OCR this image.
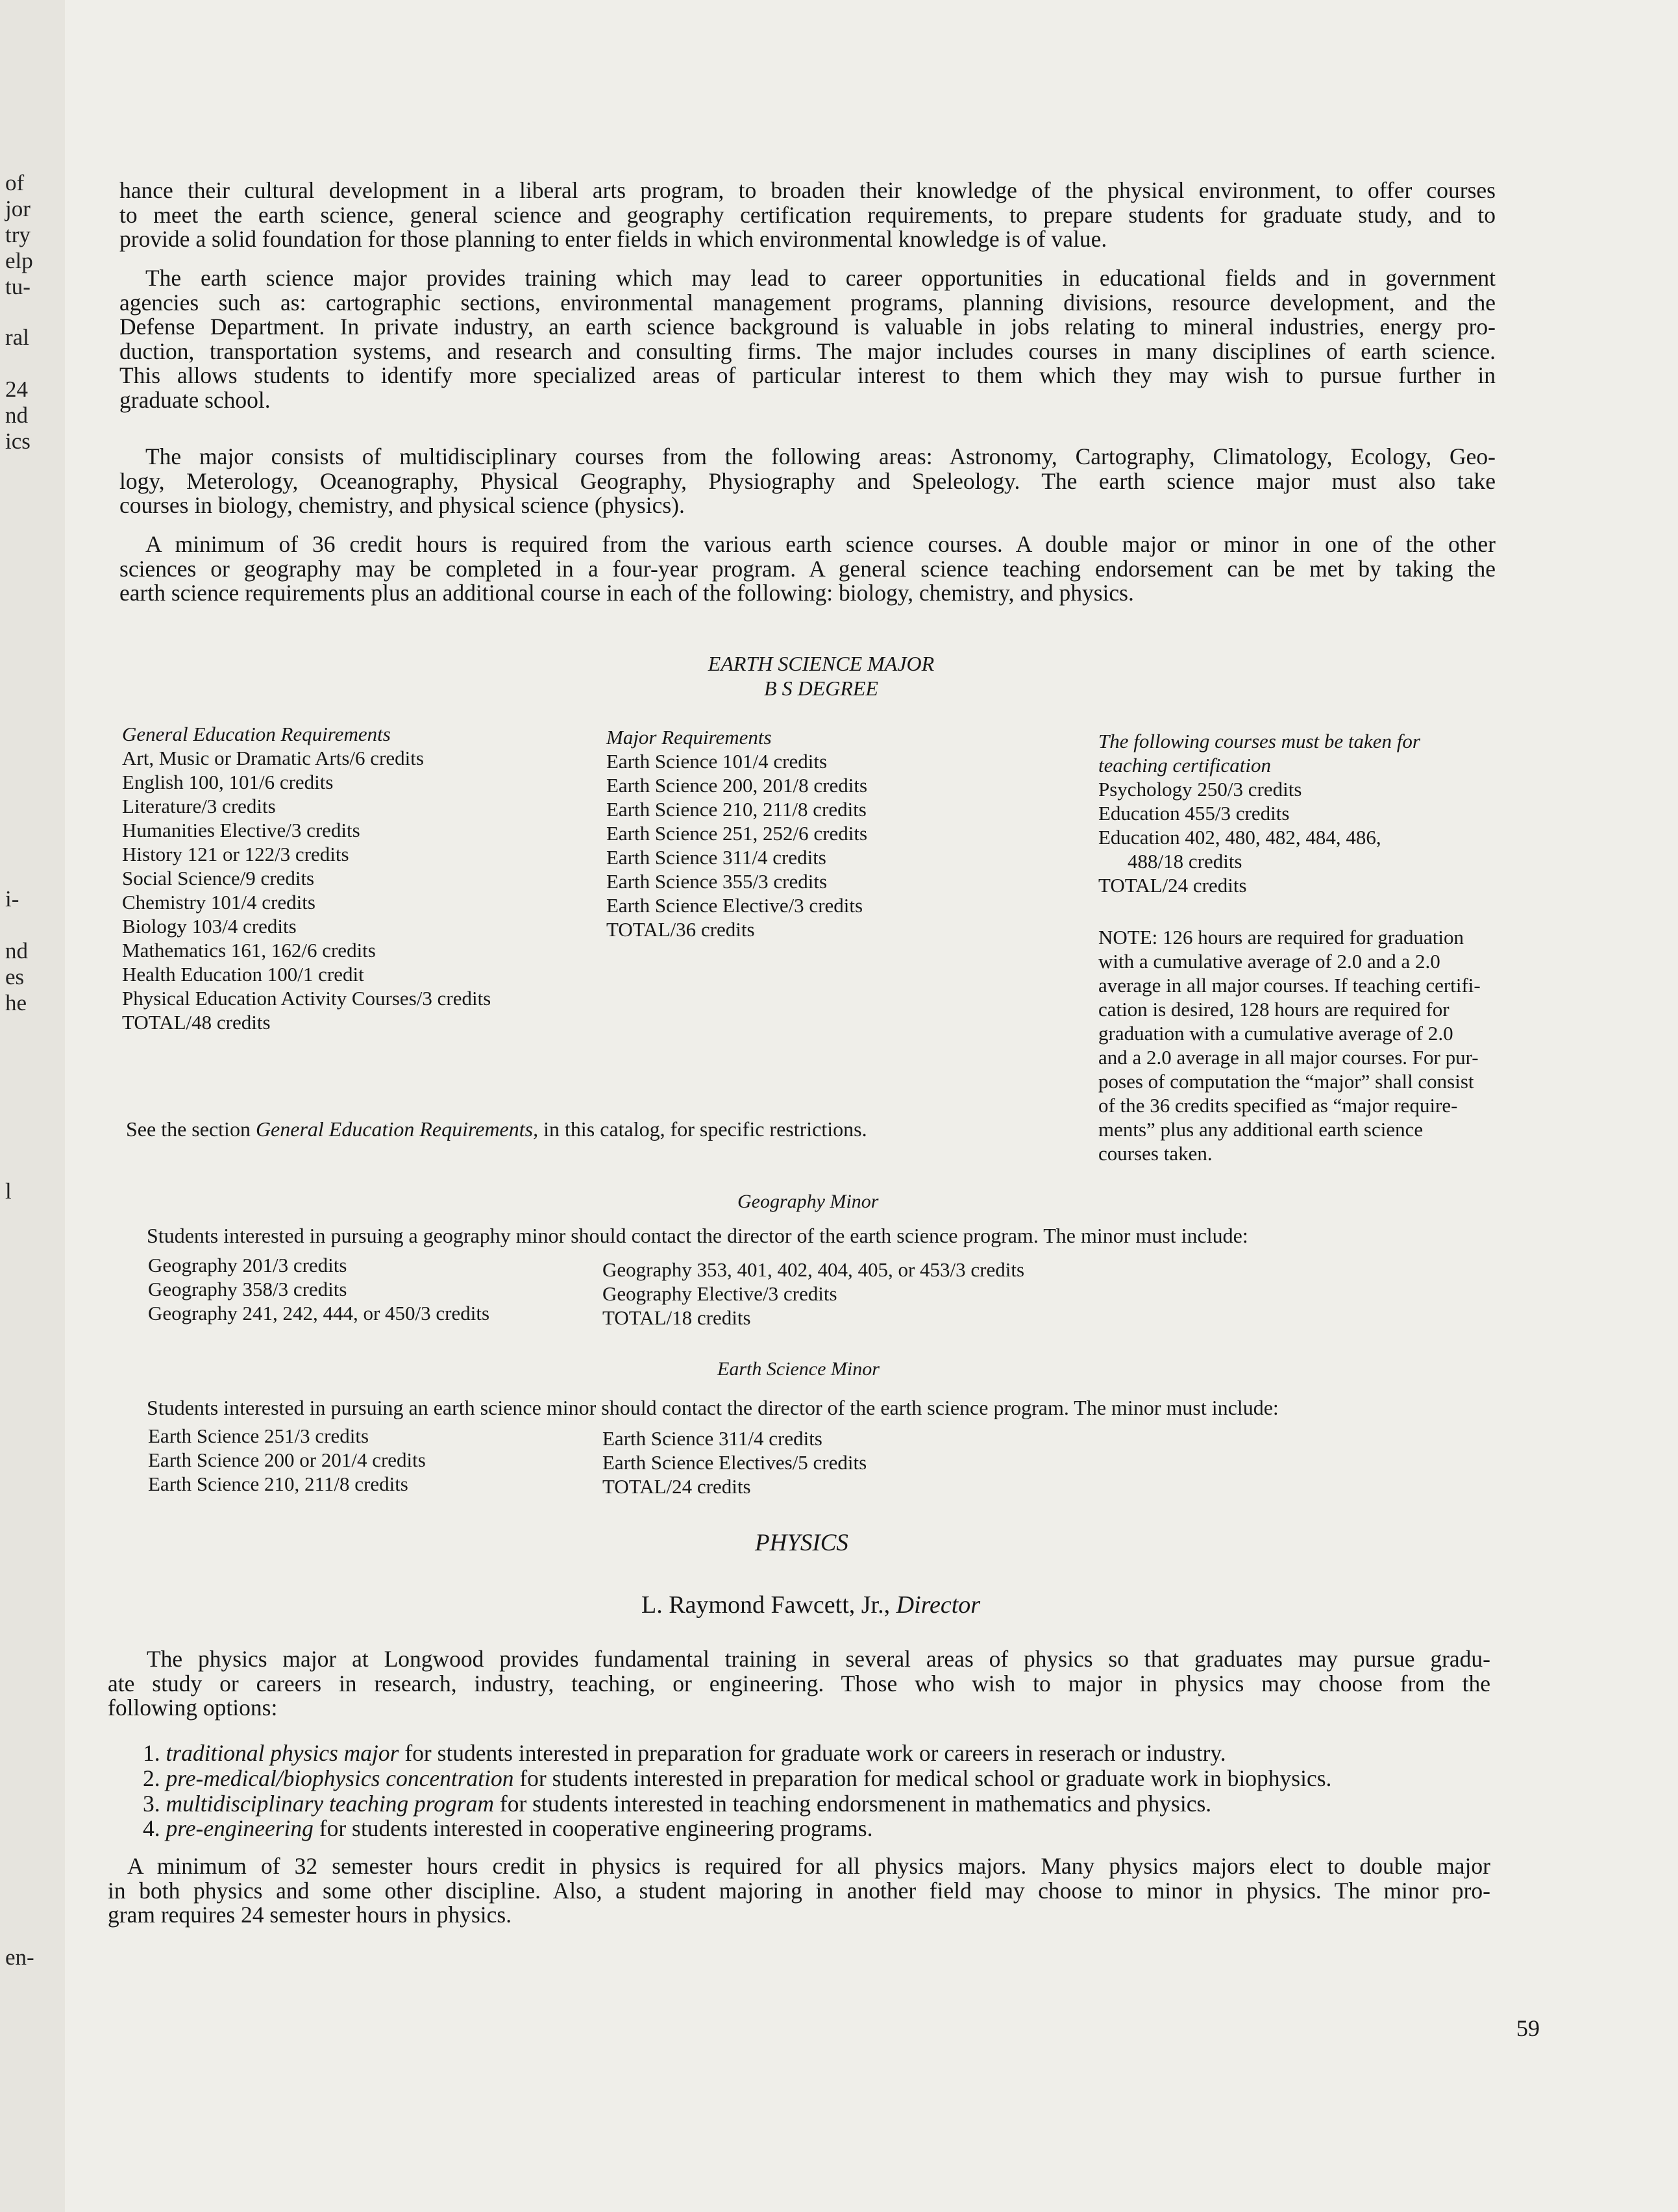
of
jor
try
elp
tu-
ral
24
nd
ics
i-
nd
es
he
l
en-
hance their cultural development in a liberal arts program, to broaden their knowledge of the physical environment, to offer courses
to meet the earth science, general science and geography certification requirements, to prepare students for graduate study, and to
provide a solid foundation for those planning to enter fields in which environmental knowledge is of value.
The earth science major provides training which may lead to career opportunities in educational fields and in government
agencies such as: cartographic sections, environmental management programs, planning divisions, resource development, and the
Defense Department. In private industry, an earth science background is valuable in jobs relating to mineral industries, energy pro-
duction, transportation systems, and research and consulting firms. The major includes courses in many disciplines of earth science.
This allows students to identify more specialized areas of particular interest to them which they may wish to pursue further in
graduate school.
The major consists of multidisciplinary courses from the following areas: Astronomy, Cartography, Climatology, Ecology, Geo-
logy, Meterology, Oceanography, Physical Geography, Physiography and Speleology. The earth science major must also take
courses in biology, chemistry, and physical science (physics).
A minimum of 36 credit hours is required from the various earth science courses. A double major or minor in one of the other
sciences or geography may be completed in a four-year program. A general science teaching endorsement can be met by taking the
earth science requirements plus an additional course in each of the following: biology, chemistry, and physics.
EARTH SCIENCE MAJOR
B S DEGREE
General Education Requirements
Art, Music or Dramatic Arts/6 credits
English 100, 101/6 credits
Literature/3 credits
Humanities Elective/3 credits
History 121 or 122/3 credits
Social Science/9 credits
Chemistry 101/4 credits
Biology 103/4 credits
Mathematics 161, 162/6 credits
Health Education 100/1 credit
Physical Education Activity Courses/3 credits
TOTAL/48 credits
Major Requirements
Earth Science 101/4 credits
Earth Science 200, 201/8 credits
Earth Science 210, 211/8 credits
Earth Science 251, 252/6 credits
Earth Science 311/4 credits
Earth Science 355/3 credits
Earth Science Elective/3 credits
TOTAL/36 credits
The following courses must be taken for
teaching certification
Psychology 250/3 credits
Education 455/3 credits
Education 402, 480, 482, 484, 486,
488/18 credits
TOTAL/24 credits
NOTE: 126 hours are required for graduation
with a cumulative average of 2.0 and a 2.0
average in all major courses. If teaching certifi-
cation is desired, 128 hours are required for
graduation with a cumulative average of 2.0
and a 2.0 average in all major courses. For pur-
poses of computation the “major” shall consist
of the 36 credits specified as “major require-
ments” plus any additional earth science
courses taken.
See the section General Education Requirements, in this catalog, for specific restrictions.
Geography Minor
Students interested in pursuing a geography minor should contact the director of the earth science program. The minor must include:
Geography 201/3 credits
Geography 358/3 credits
Geography 241, 242, 444, or 450/3 credits
Geography 353, 401, 402, 404, 405, or 453/3 credits
Geography Elective/3 credits
TOTAL/18 credits
Earth Science Minor
Students interested in pursuing an earth science minor should contact the director of the earth science program. The minor must include:
Earth Science 251/3 credits
Earth Science 200 or 201/4 credits
Earth Science 210, 211/8 credits
Earth Science 311/4 credits
Earth Science Electives/5 credits
TOTAL/24 credits
PHYSICS
L. Raymond Fawcett, Jr., Director
The physics major at Longwood provides fundamental training in several areas of physics so that graduates may pursue gradu-
ate study or careers in research, industry, teaching, or engineering. Those who wish to major in physics may choose from the
following options:
1. traditional physics major for students interested in preparation for graduate work or careers in reserach or industry.
2. pre-medical/biophysics concentration for students interested in preparation for medical school or graduate work in biophysics.
3. multidisciplinary teaching program for students interested in teaching endorsmenent in mathematics and physics.
4. pre-engineering for students interested in cooperative engineering programs.
A minimum of 32 semester hours credit in physics is required for all physics majors. Many physics majors elect to double major
in both physics and some other discipline. Also, a student majoring in another field may choose to minor in physics. The minor pro-
gram requires 24 semester hours in physics.
59
